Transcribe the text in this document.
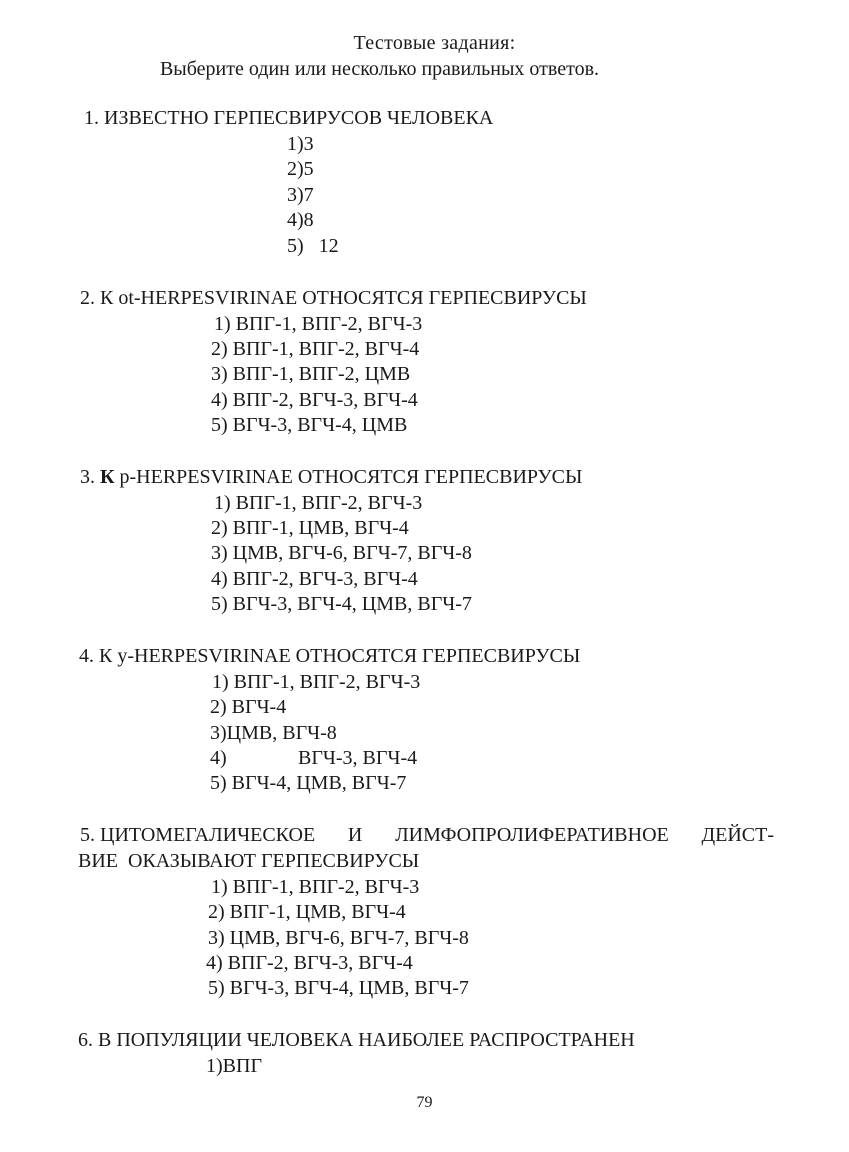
Тестовые задания:
Выберите один или несколько правильных ответов.
1. ИЗВЕСТНО ГЕРПЕСВИРУСОВ ЧЕЛОВЕКА
1)3
2)5
3)7
4)8
5)   12
2. К ot-HERPESVIRINAE ОТНОСЯТСЯ ГЕРПЕСВИРУСЫ
1) ВПГ-1, ВПГ-2, ВГЧ-3
2) ВПГ-1, ВПГ-2, ВГЧ-4
3) ВПГ-1, ВПГ-2, ЦМВ
4) ВПГ-2, ВГЧ-3, ВГЧ-4
5) ВГЧ-3, ВГЧ-4, ЦМВ
3. К р-HERPESVIRINAE ОТНОСЯТСЯ ГЕРПЕСВИРУСЫ
1) ВПГ-1, ВПГ-2, ВГЧ-3
2) ВПГ-1, ЦМВ, ВГЧ-4
3) ЦМВ, ВГЧ-6, ВГЧ-7, ВГЧ-8
4) ВПГ-2, ВГЧ-3, ВГЧ-4
5) ВГЧ-3, ВГЧ-4, ЦМВ, ВГЧ-7
4. К y-HERPESVIRINAE ОТНОСЯТСЯ ГЕРПЕСВИРУСЫ
1) ВПГ-1, ВПГ-2, ВГЧ-3
2) ВГЧ-4
3)ЦМВ, ВГЧ-8
4)	ВГЧ-3, ВГЧ-4
5) ВГЧ-4, ЦМВ, ВГЧ-7
5. ЦИТОМЕГАЛИЧЕСКОЕ И ЛИМФОПРОЛИФЕРАТИВНОЕ ДЕЙСТ-
ВИЕ  ОКАЗЫВАЮТ ГЕРПЕСВИРУСЫ
1) ВПГ-1, ВПГ-2, ВГЧ-3
2) ВПГ-1, ЦМВ, ВГЧ-4
3) ЦМВ, ВГЧ-6, ВГЧ-7, ВГЧ-8
4) ВПГ-2, ВГЧ-3, ВГЧ-4
5) ВГЧ-3, ВГЧ-4, ЦМВ, ВГЧ-7
6. В ПОПУЛЯЦИИ ЧЕЛОВЕКА НАИБОЛЕЕ РАСПРОСТРАНЕН
1)ВПГ
79
